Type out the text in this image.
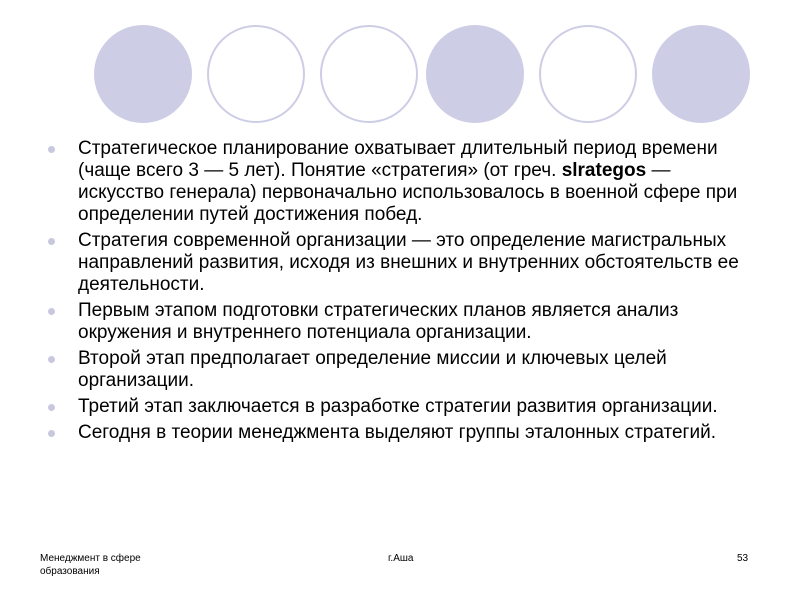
Стратегическое планирование охватывает длительный период времени (чаще всего 3 — 5 лет). Понятие «стратегия» (от греч. slrategos — искусство генерала) первоначально использовалось в военной сфере при определении путей достижения побед.
Стратегия современной организации — это определение магистральных направлений развития, исходя из внешних и внутренних обстоятельств ее деятельности.
Первым этапом подготовки стратегических планов является анализ окружения и внутреннего потенциала организации.
Второй этап предполагает определение миссии и ключевых целей организации.
Третий этап заключается в разработке стратегии развития организации.
Сегодня в теории менеджмента выделяют группы эталонных стратегий.
Менеджмент в сфере образования
г.Аша	53
